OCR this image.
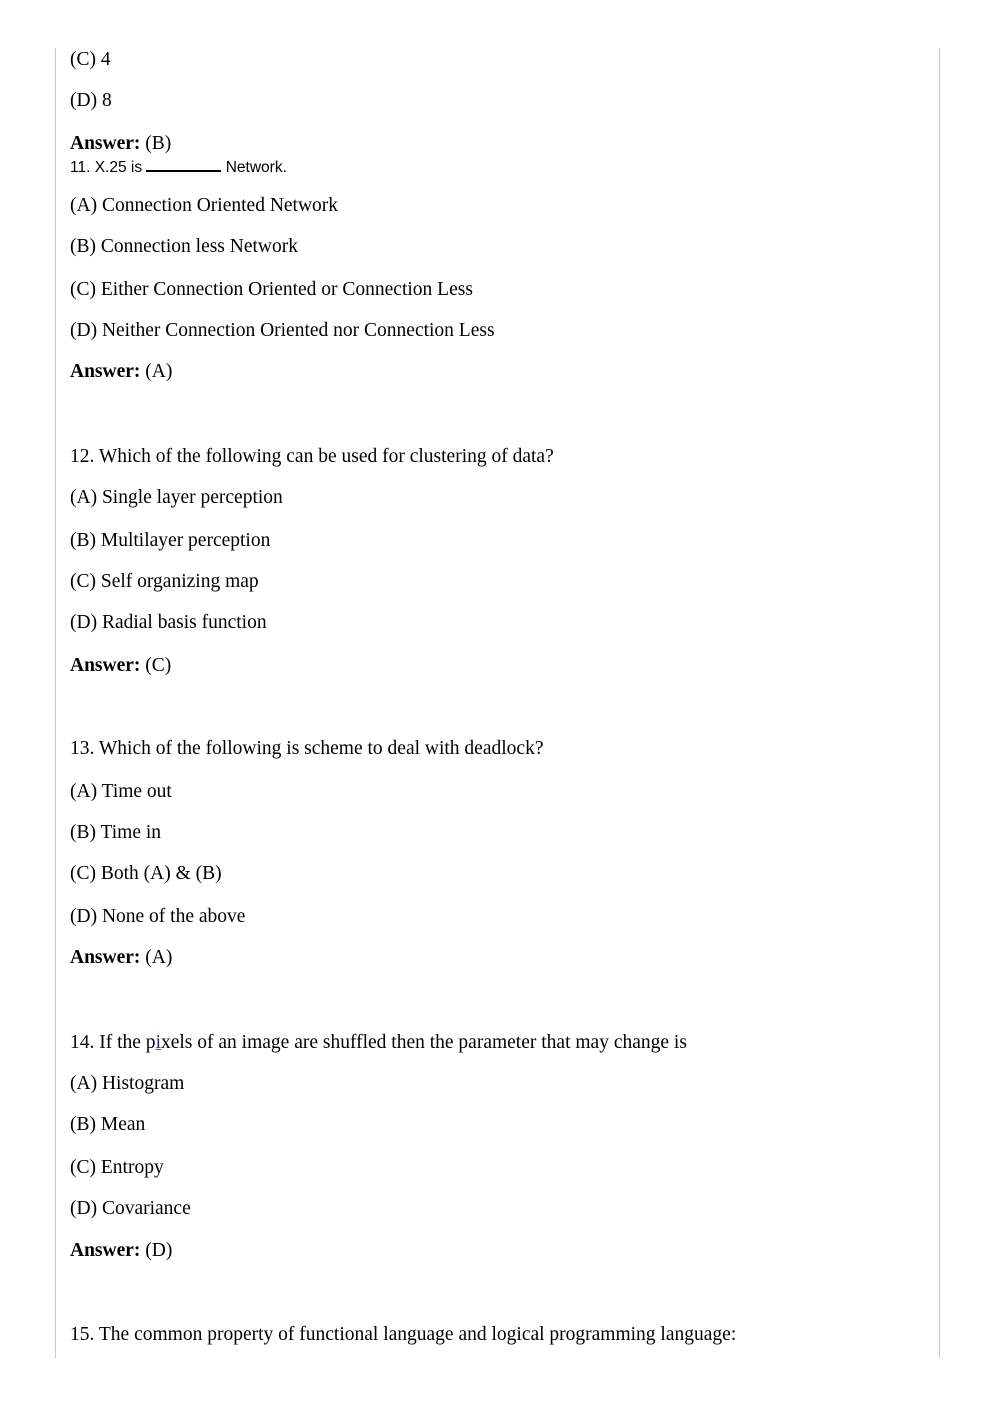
(C) 4
(D) 8
Answer: (B)
11. X.25 is	Network.
(A) Connection Oriented Network
(B) Connection less Network
(C) Either Connection Oriented or Connection Less
(D) Neither Connection Oriented nor Connection Less
Answer: (A)
12. Which of the following can be used for clustering of data?
(A) Single layer perception
(B) Multilayer perception
(C) Self organizing map
(D) Radial basis function
Answer: (C)
13. Which of the following is scheme to deal with deadlock?
(A) Time out
(B) Time in
(C) Both (A) & (B)
(D) None of the above
Answer: (A)
14. If the pixels of an image are shuffled then the parameter that may change is
(A) Histogram
(B) Mean
(C) Entropy
(D) Covariance
Answer: (D)
15. The common property of functional language and logical programming language:
